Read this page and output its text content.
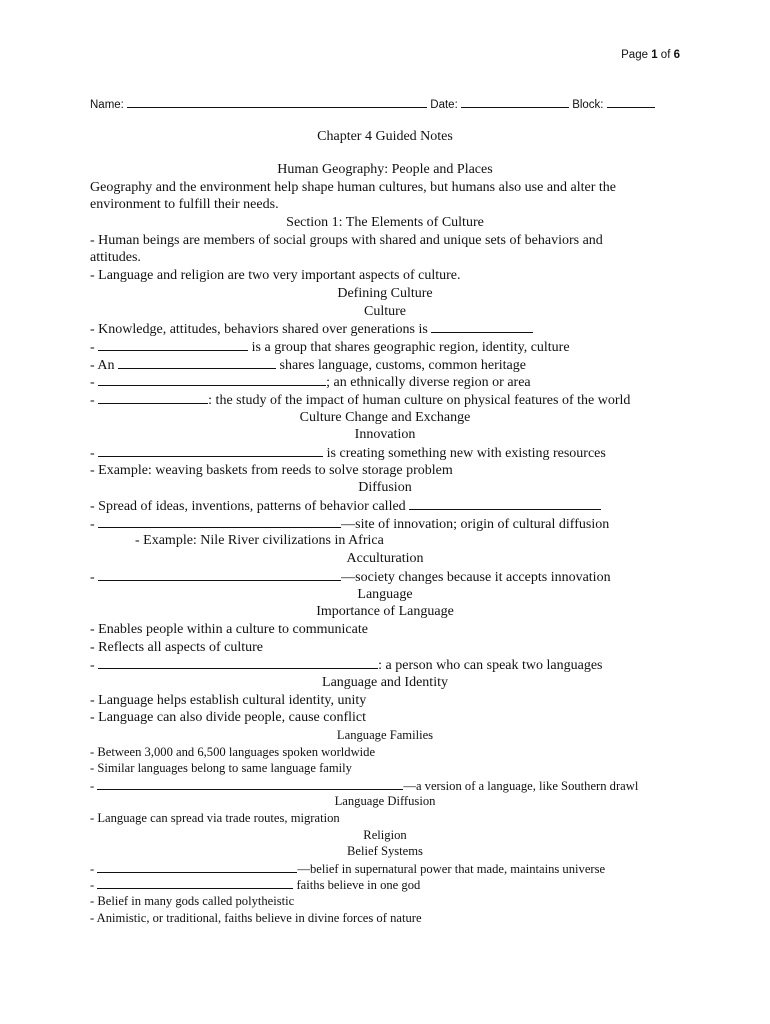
Page 1 of 6
Name:	Date:	Block:
Chapter 4 Guided Notes
Human Geography: People and Places
Geography and the environment help shape human cultures, but humans also use and alter the
environment to fulfill their needs.
Section 1: The Elements of Culture
- Human beings are members of social groups with shared and unique sets of behaviors and
attitudes.
- Language and religion are two very important aspects of culture.
Defining Culture
Culture
- Knowledge, attitudes, behaviors shared over generations is
-	is a group that shares geographic region, identity, culture
- An	shares language, customs, common heritage
-	; an ethnically diverse region or area
-	: the study of the impact of human culture on physical features of the world
Culture Change and Exchange
Innovation
-	is creating something new with existing resources
- Example: weaving baskets from reeds to solve storage problem
Diffusion
- Spread of ideas, inventions, patterns of behavior called
-	—site of innovation; origin of cultural diffusion
- Example: Nile River civilizations in Africa
Acculturation
-	—society changes because it accepts innovation
Language
Importance of Language
- Enables people within a culture to communicate
- Reflects all aspects of culture
-	: a person who can speak two languages
Language and Identity
- Language helps establish cultural identity, unity
- Language can also divide people, cause conflict
Language Families
- Between 3,000 and 6,500 languages spoken worldwide
- Similar languages belong to same language family
-	—a version of a language, like Southern drawl
Language Diffusion
- Language can spread via trade routes, migration
Religion
Belief Systems
-	—belief in supernatural power that made, maintains universe
-	faiths believe in one god
- Belief in many gods called polytheistic
- Animistic, or traditional, faiths believe in divine forces of nature
